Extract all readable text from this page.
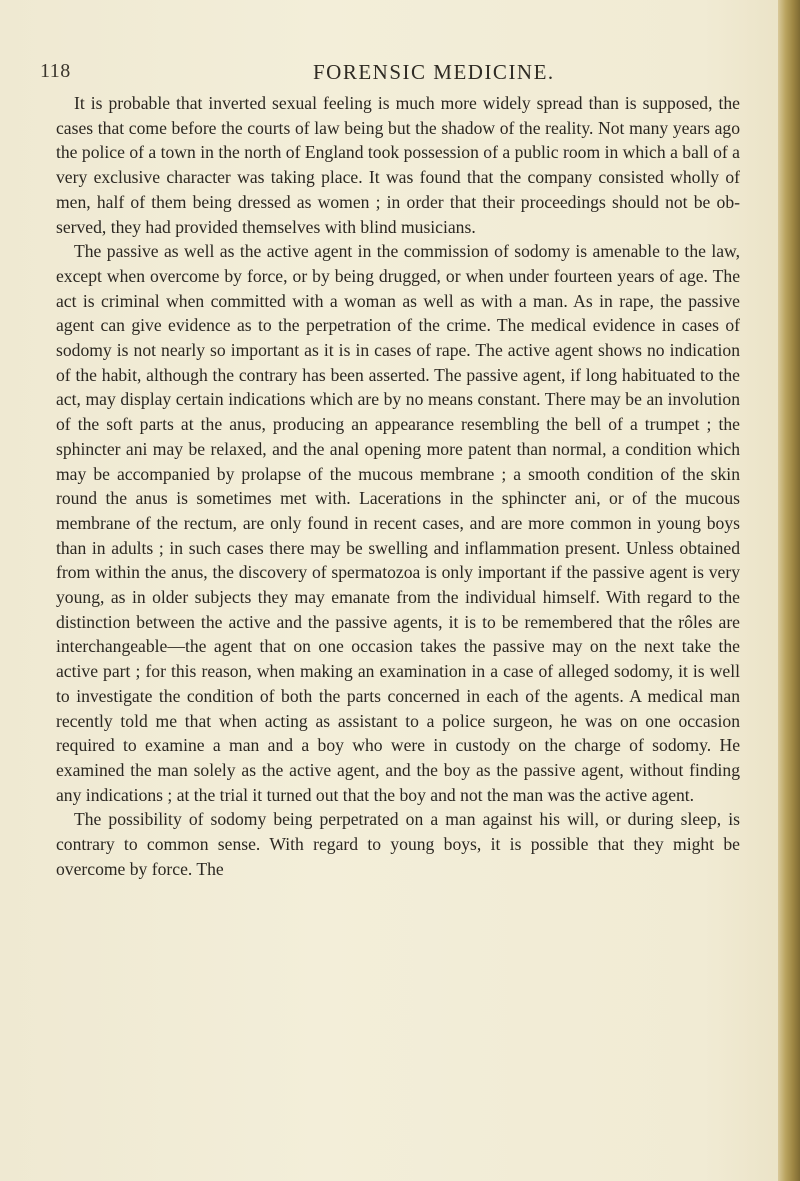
118	FORENSIC MEDICINE.

It is probable that inverted sexual feeling is much more widely spread than is supposed, the cases that come before the courts of law being but the shadow of the reality. Not many years ago the police of a town in the north of England took possession of a public room in which a ball of a very exclusive character was taking place. It was found that the company consisted wholly of men, half of them being dressed as women ; in order that their proceedings should not be observed, they had provided themselves with blind musicians.

The passive as well as the active agent in the commission of sodomy is amenable to the law, except when overcome by force, or by being drugged, or when under fourteen years of age. The act is criminal when committed with a woman as well as with a man. As in rape, the passive agent can give evidence as to the perpetration of the crime. The medical evidence in cases of sodomy is not nearly so important as it is in cases of rape. The active agent shows no indication of the habit, although the contrary has been asserted. The passive agent, if long habituated to the act, may display certain indications which are by no means constant. There may be an involution of the soft parts at the anus, producing an appearance resembling the bell of a trumpet ; the sphincter ani may be relaxed, and the anal opening more patent than normal, a condition which may be accompanied by prolapse of the mucous membrane ; a smooth condition of the skin round the anus is sometimes met with. Lacerations in the sphincter ani, or of the mucous membrane of the rectum, are only found in recent cases, and are more common in young boys than in adults ; in such cases there may be swelling and inflammation present. Unless obtained from within the anus, the discovery of spermatozoa is only important if the passive agent is very young, as in older subjects they may emanate from the individual himself. With regard to the distinction between the active and the passive agents, it is to be remembered that the rôles are interchangeable—the agent that on one occasion takes the passive may on the next take the active part ; for this reason, when making an examination in a case of alleged sodomy, it is well to investigate the condition of both the parts concerned in each of the agents. A medical man recently told me that when acting as assistant to a police surgeon, he was on one occasion required to examine a man and a boy who were in custody on the charge of sodomy. He examined the man solely as the active agent, and the boy as the passive agent, without finding any indications ; at the trial it turned out that the boy and not the man was the active agent.

The possibility of sodomy being perpetrated on a man against his will, or during sleep, is contrary to common sense. With regard to young boys, it is possible that they might be overcome by force. The
